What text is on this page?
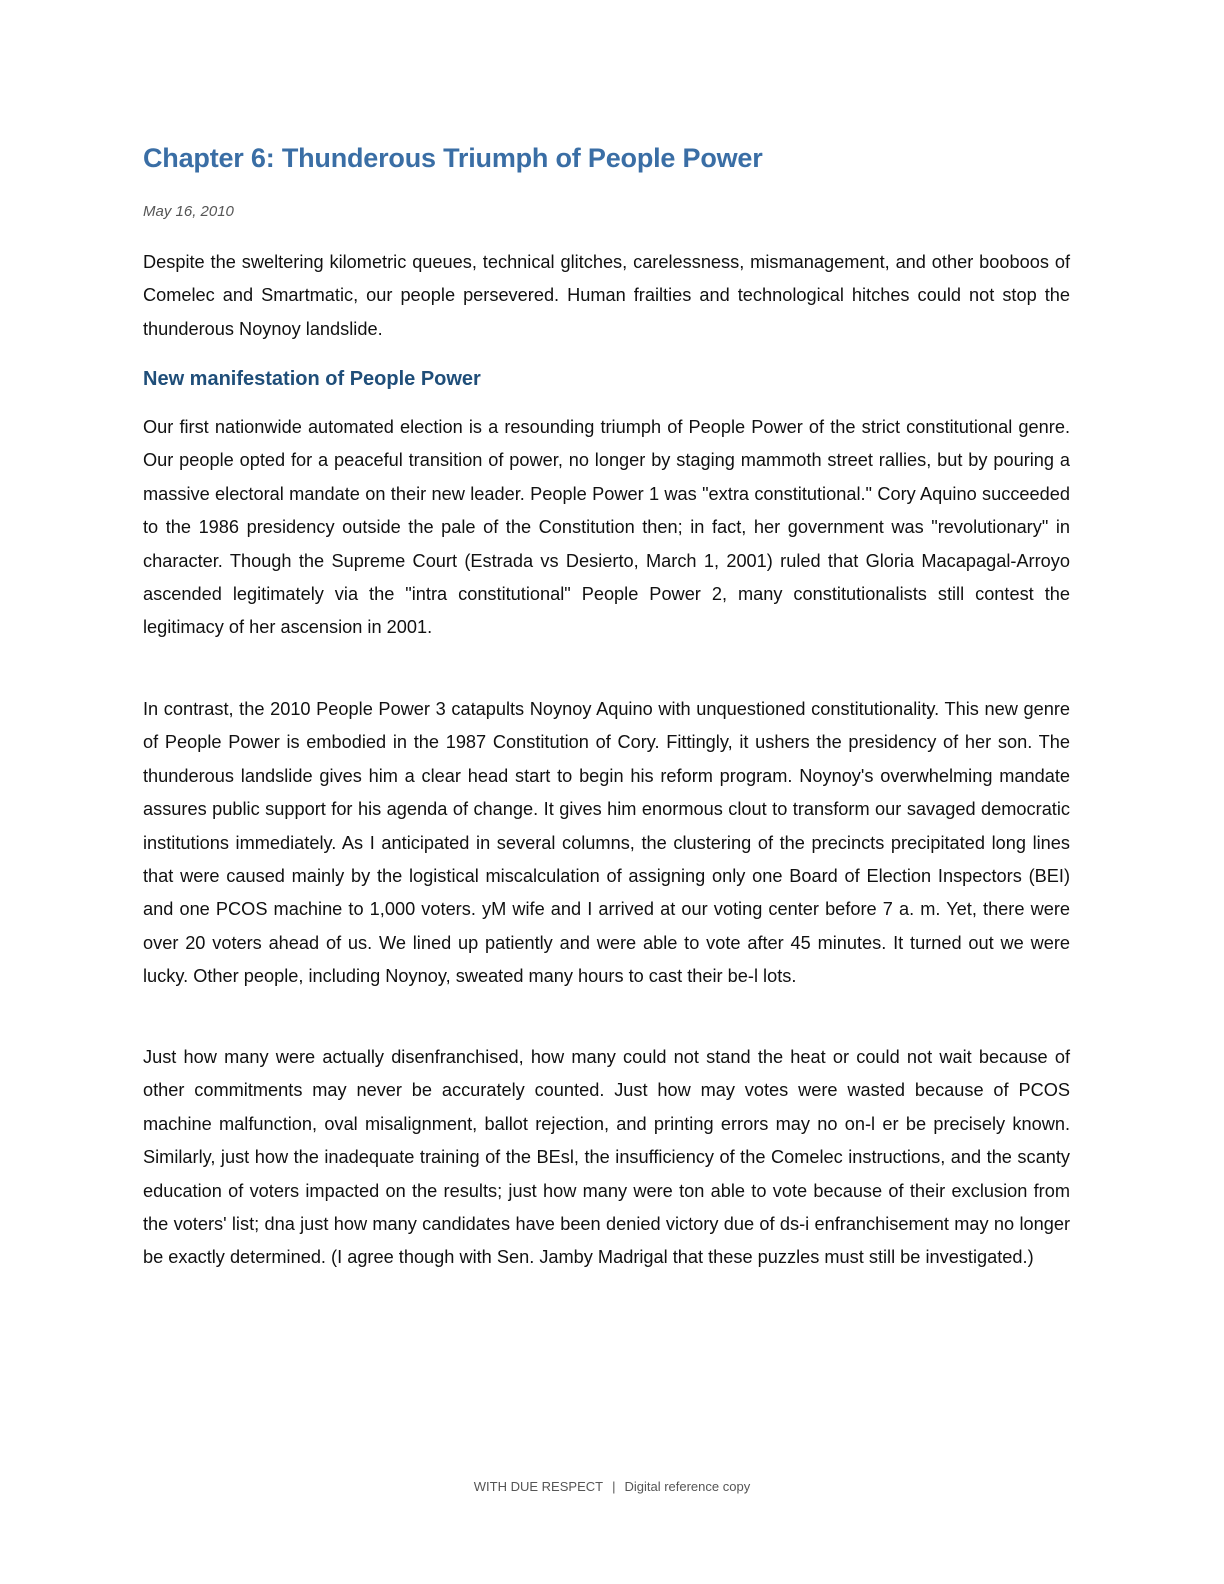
Chapter 6: Thunderous Triumph of People Power
May 16, 2010

Despite the sweltering kilometric queues, technical glitches, carelessness, mismanagement, and other booboos of Comelec and Smartmatic, our people persevered. Human frailties and technological hitches could not stop the thunderous Noynoy landslide.

New manifestation of People Power

Our first nationwide automated election is a resounding triumph of People Power of the strict constitutional genre. Our people opted for a peaceful transition of power, no longer by staging mammoth street rallies, but by pouring a massive electoral mandate on their new leader. People Power 1 was "extra constitutional." Cory Aquino succeeded to the 1986 presidency outside the pale of the Constitution then; in fact, her government was "revolutionary" in character. Though the Supreme Court (Estrada vs Desierto, March 1, 2001) ruled that Gloria Macapagal-Arroyo ascended legitimately via the "intra constitutional" People Power 2, many constitutionalists still contest the legitimacy of her ascension in 2001.

In contrast, the 2010 People Power 3 catapults Noynoy Aquino with unquestioned constitutionality. This new genre of People Power is embodied in the 1987 Constitution of Cory. Fittingly, it ushers the presidency of her son. The thunderous landslide gives him a clear head start to begin his reform program. Noynoy's overwhelming mandate assures public support for his agenda of change. It gives him enormous clout to transform our savaged democratic institutions immediately. As I anticipated in several columns, the clustering of the precincts precipitated long lines that were caused mainly by the logistical miscalculation of assigning only one Board of Election Inspectors (BEI) and one PCOS machine to 1,000 voters. yM wife and I arrived at our voting center before 7 a. m. Yet, there were over 20 voters ahead of us. We lined up patiently and were able to vote after 45 minutes. It turned out we were lucky. Other people, including Noynoy, sweated many hours to cast their be-l lots.

Just how many were actually disenfranchised, how many could not stand the heat or could not wait because of other commitments may never be accurately counted. Just how may votes were wasted because of PCOS machine malfunction, oval misalignment, ballot rejection, and printing errors may no on-l er be precisely known. Similarly, just how the inadequate training of the BEsl, the insufficiency of the Comelec instructions, and the scanty education of voters impacted on the results; just how many were ton able to vote because of their exclusion from the voters' list; dna just how many candidates have been denied victory due of ds-i enfranchisement may no longer be exactly determined. (I agree though with Sen. Jamby Madrigal that these puzzles must still be investigated.)

WITH DUE RESPECT | Digital reference copy
